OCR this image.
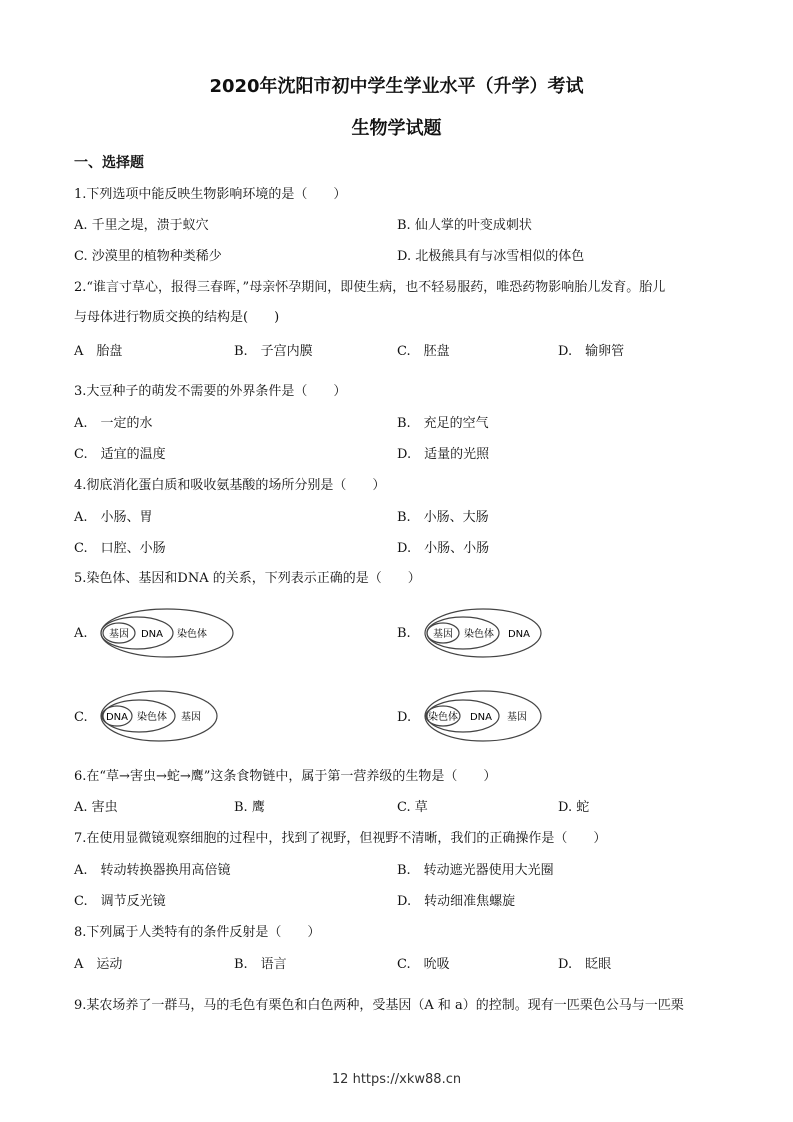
2020年沈阳市初中学生学业水平（升学）考试
生物学试题
一、选择题
1.下列选项中能反映生物影响环境的是（　　）
A. 千里之堤，溃于蚁穴	B. 仙人掌的叶变成刺状
C. 沙漠里的植物种类稀少	D. 北极熊具有与冰雪相似的体色
2.“谁言寸草心，报得三春晖，”母亲怀孕期间，即使生病，也不轻易服药，唯恐药物影响胎儿发育。胎儿
与母体进行物质交换的结构是(　　)
A　胎盘	B.　子宫内膜	C.　胚盘	D.　输卵管
3.大豆种子的萌发不需要的外界条件是（　　）
A.　一定的水	B.　充足的空气
C.　适宜的温度	D.　适量的光照
4.彻底消化蛋白质和吸收氨基酸的场所分别是（　　）
A.　小肠、胃	B.　小肠、大肠
C.　口腔、小肠	D.　小肠、小肠
5.染色体、基因和DNA 的关系，下列表示正确的是（　　）
A. 基因 DNA 染色体	B. 基因 染色体 DNA
C. DNA 染色体 基因	D. 染色体 DNA 基因
6.在“草→害虫→蛇→鹰”这条食物链中，属于第一营养级的生物是（　　）
A. 害虫	B. 鹰	C. 草	D. 蛇
7.在使用显微镜观察细胞的过程中，找到了视野，但视野不清晰，我们的正确操作是（　　）
A.　转动转换器换用高倍镜	B.　转动遮光器使用大光圈
C.　调节反光镜	D.　转动细准焦螺旋
8.下列属于人类特有的条件反射是（　　）
A　运动	B.　语言	C.　吮吸	D.　眨眼
9.某农场养了一群马，马的毛色有栗色和白色两种，受基因（A 和 a）的控制。现有一匹栗色公马与一匹栗
12 https://xkw88.cn
